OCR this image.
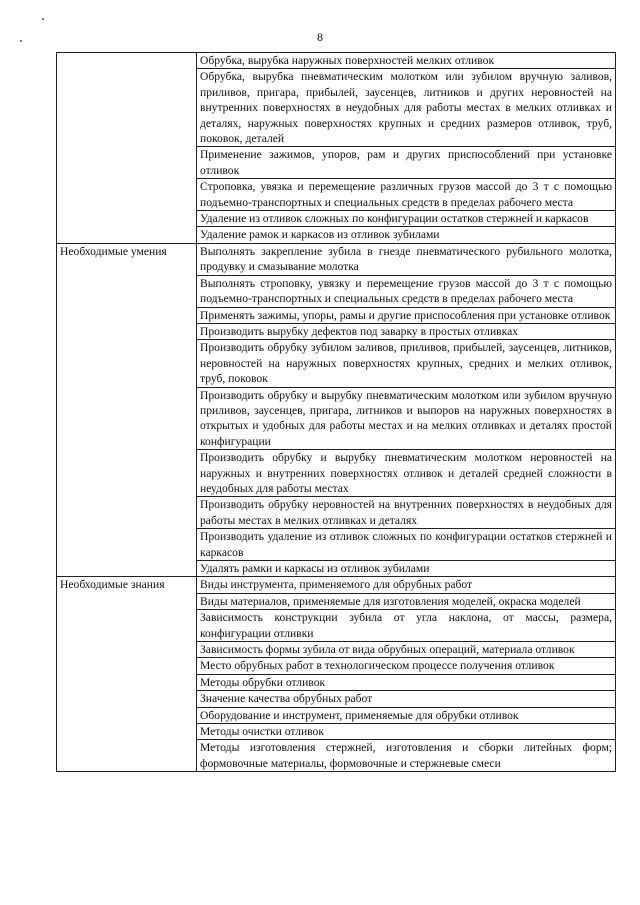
8

	Обрубка, вырубка наружных поверхностей мелких отливок

	Обрубка, вырубка пневматическим молотком или зубилом вручную заливов, приливов, пригара, прибылей, заусенцев, литников и других неровностей на внутренних поверхностях в неудобных для работы местах в мелких отливках и деталях, наружных поверхностях крупных и средних размеров отливок, труб, поковок, деталей

	Применение зажимов, упоров, рам и других приспособлений при установке отливок

	Строповка, увязка и перемещение различных грузов массой до 3 т с помощью подъемно-транспортных и специальных средств в пределах рабочего места

	Удаление из отливок сложных по конфигурации остатков стержней и каркасов

	Удаление рамок и каркасов из отливок зубилами

Необходимые умения	Выполнять закрепление зубила в гнезде пневматического рубильного молотка, продувку и смазывание молотка

	Выполнять строповку, увязку и перемещение грузов массой до 3 т с помощью подъемно-транспортных и специальных средств в пределах рабочего места

	Применять зажимы, упоры, рамы и другие приспособления при установке отливок

	Производить вырубку дефектов под заварку в простых отливках

	Производить обрубку зубилом заливов, приливов, прибылей, заусенцев, литников, неровностей на наружных поверхностях крупных, средних и мелких отливок, труб, поковок

	Производить обрубку и вырубку пневматическим молотком или зубилом вручную приливов, заусенцев, пригара, литников и выпоров на наружных поверхностях в открытых и удобных для работы местах и на мелких отливках и деталях простой конфигурации

	Производить обрубку и вырубку пневматическим молотком неровностей на наружных и внутренних поверхностях отливок и деталей средней сложности в неудобных для работы местах

	Производить обрубку неровностей на внутренних поверхностях в неудобных для работы местах в мелких отливках и деталях

	Производить удаление из отливок сложных по конфигурации остатков стержней и каркасов

	Удалять рамки и каркасы из отливок зубилами

Необходимые знания	Виды инструмента, применяемого для обрубных работ

	Виды материалов, применяемые для изготовления моделей, окраска моделей

	Зависимость конструкции зубила от угла наклона, от массы, размера, конфигурации отливки

	Зависимость формы зубила от вида обрубных операций, материала отливок

	Место обрубных работ в технологическом процессе получения отливок

	Методы обрубки отливок

	Значение качества обрубных работ

	Оборудование и инструмент, применяемые для обрубки отливок

	Методы очистки отливок

	Методы изготовления стержней, изготовления и сборки литейных форм; формовочные материалы, формовочные и стержневые смеси
